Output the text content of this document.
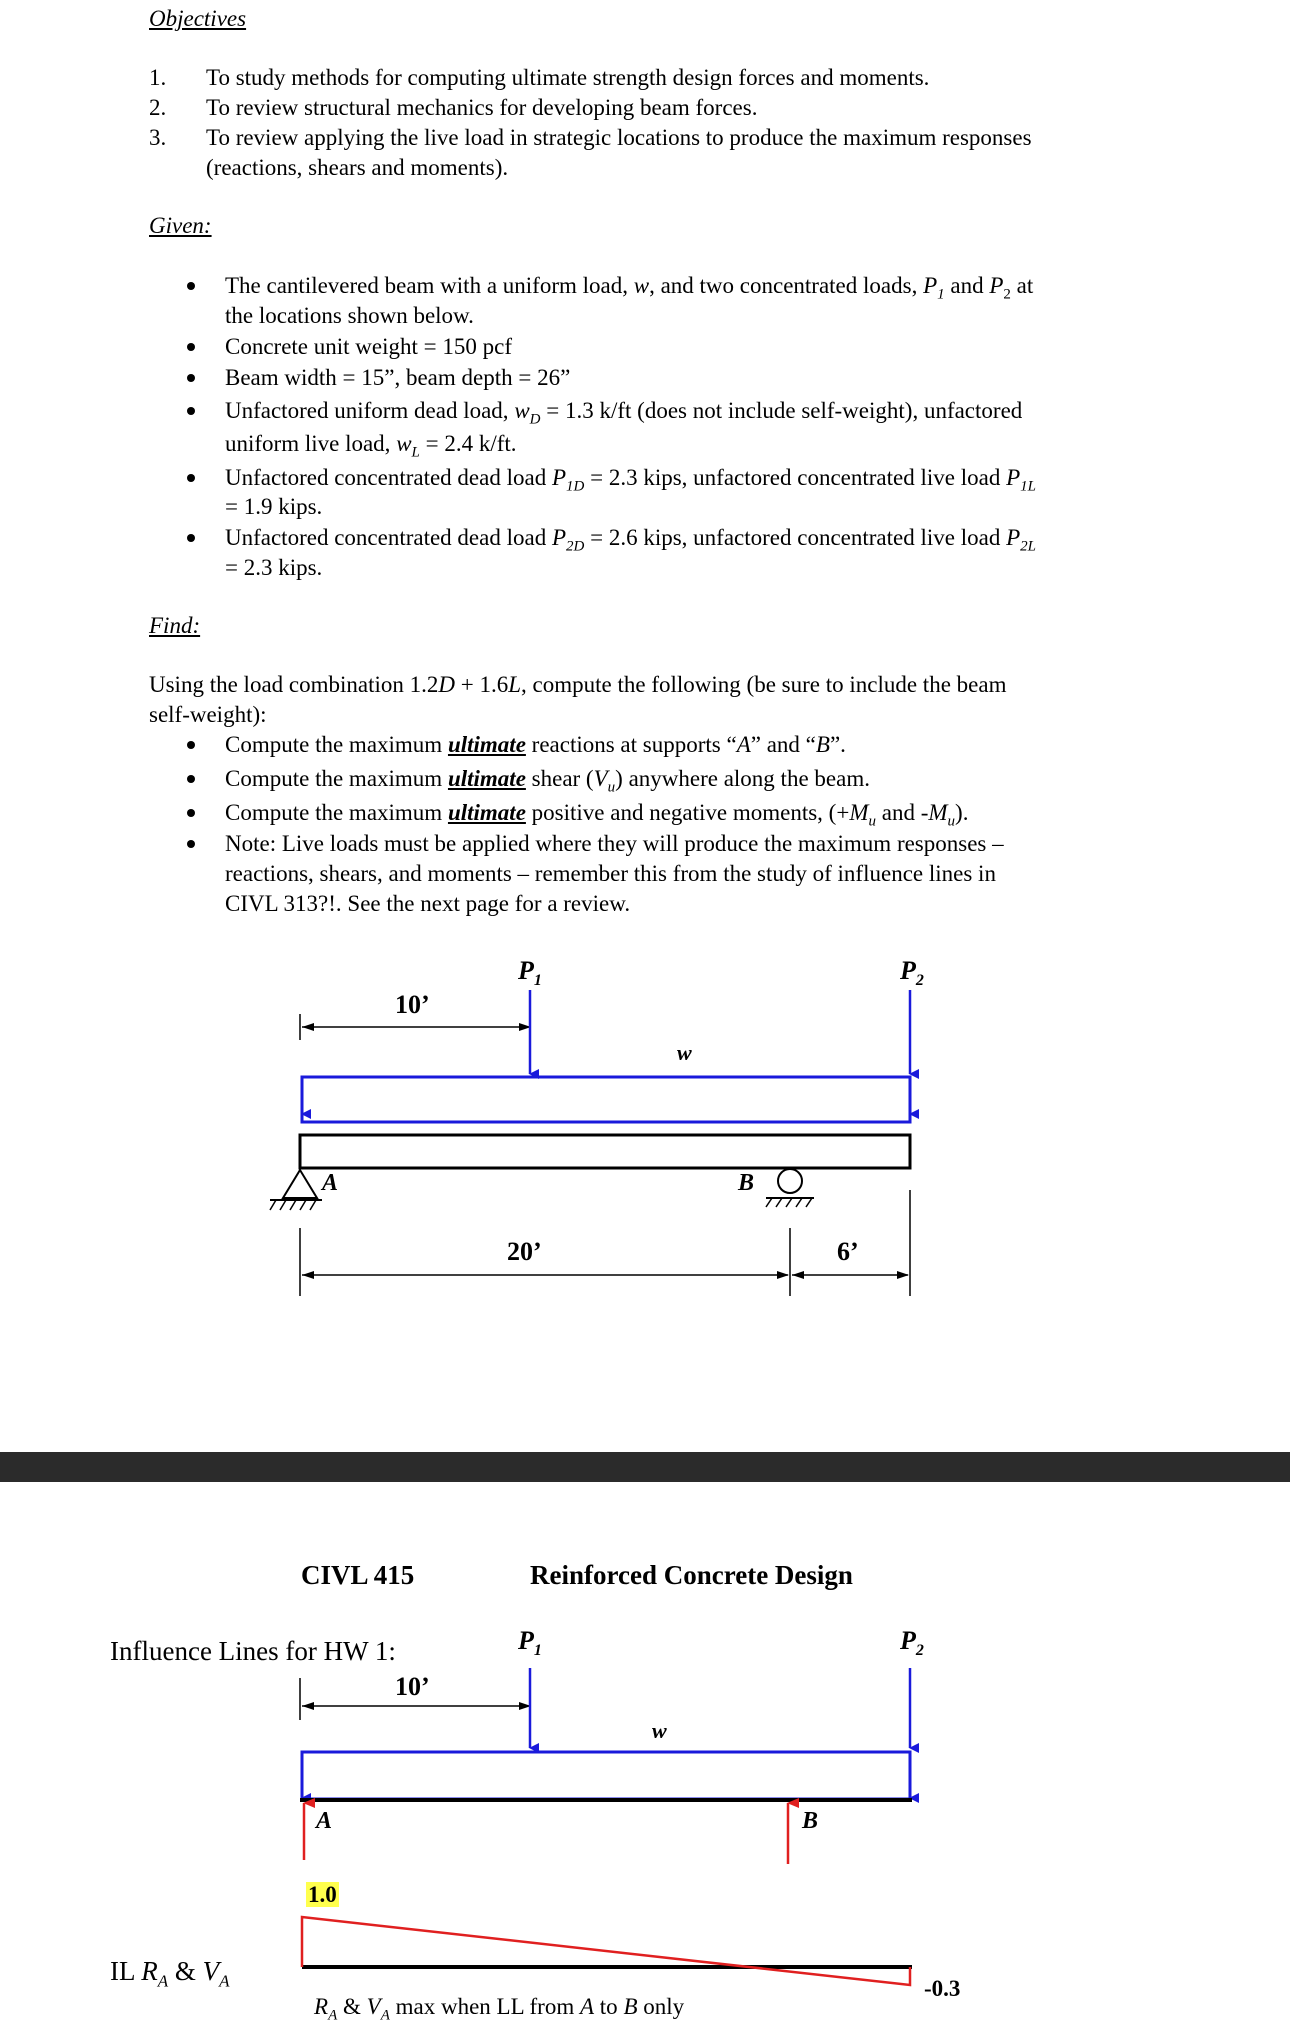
Objectives
1. To study methods for computing ultimate strength design forces and moments.
2. To review structural mechanics for developing beam forces.
3. To review applying the live load in strategic locations to produce the maximum responses
(reactions, shears and moments).
Given:
The cantilevered beam with a uniform load, w, and two concentrated loads, $P_1$ and $P_2$ at
the locations shown below.
Concrete unit weight = 150 pcf
Beam width = 15”, beam depth = 26”
Unfactored uniform dead load, $w_D = 1.3$ k/ft (does not include self-weight), unfactored
uniform live load, $w_L = 2.4$ k/ft.
Unfactored concentrated dead load $P_{1D} = 2.3$ kips, unfactored concentrated live load $P_{1L}$
= 1.9 kips.
Unfactored concentrated dead load $P_{2D} = 2.6$ kips, unfactored concentrated live load $P_{2L}$
= 2.3 kips.
Find:
Using the load combination 1.2D + 1.6L, compute the following (be sure to include the beam
self-weight):
Compute the maximum ultimate reactions at supports “A” and “B”.
Compute the maximum ultimate shear $(V_u)$ anywhere along the beam.
Compute the maximum ultimate positive and negative moments, ($+M_u$ and $-M_u$).
Note: Live loads must be applied where they will produce the maximum responses –
reactions, shears, and moments – remember this from the study of influence lines in
CIVL 313?!. See the next page for a review.
$P_1$	$P_2$
10’
w
A	B
20’	6’
CIVL 415	Reinforced Concrete Design
Influence Lines for HW 1:	$P_1$	$P_2$
10’
w
A	B
1.0
-0.3
IL $R_A$ & $V_A$
$R_A$ & $V_A$ max when LL from A to B only
